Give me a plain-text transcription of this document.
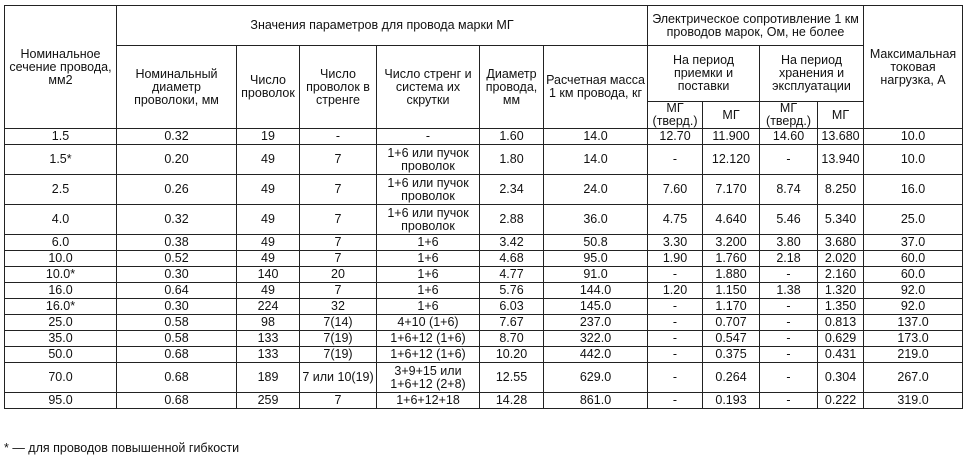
Номинальное сечение провода, мм2	Значения параметров для провода марки МГ						Электрическое сопротивление 1 км проводов марок, Ом, не более				Максимальная токовая нагрузка, А
	Номинальный диаметр проволоки, мм	Число проволок	Число проволок в стренге	Число стренг и система их скрутки	Диаметр провода, мм	Расчетная масса 1 км провода, кг	На период приемки и поставки		На период хранения и эксплуатации		
							МГ (тверд.)	МГ	МГ (тверд.)	МГ	
1.5	0.32	19	-	-	1.60	14.0	12.70	11.900	14.60	13.680	10.0
1.5*	0.20	49	7	1+6 или пучок проволок	1.80	14.0	-	12.120	-	13.940	10.0
2.5	0.26	49	7	1+6 или пучок проволок	2.34	24.0	7.60	7.170	8.74	8.250	16.0
4.0	0.32	49	7	1+6 или пучок проволок	2.88	36.0	4.75	4.640	5.46	5.340	25.0
6.0	0.38	49	7	1+6	3.42	50.8	3.30	3.200	3.80	3.680	37.0
10.0	0.52	49	7	1+6	4.68	95.0	1.90	1.760	2.18	2.020	60.0
10.0*	0.30	140	20	1+6	4.77	91.0	-	1.880	-	2.160	60.0
16.0	0.64	49	7	1+6	5.76	144.0	1.20	1.150	1.38	1.320	92.0
16.0*	0.30	224	32	1+6	6.03	145.0	-	1.170	-	1.350	92.0
25.0	0.58	98	7(14)	4+10 (1+6)	7.67	237.0	-	0.707	-	0.813	137.0
35.0	0.58	133	7(19)	1+6+12 (1+6)	8.70	322.0	-	0.547	-	0.629	173.0
50.0	0.68	133	7(19)	1+6+12 (1+6)	10.20	442.0	-	0.375	-	0.431	219.0
70.0	0.68	189	7 или 10(19)	3+9+15 или 1+6+12 (2+8)	12.55	629.0	-	0.264	-	0.304	267.0
95.0	0.68	259	7	1+6+12+18	14.28	861.0	-	0.193	-	0.222	319.0
* — для проводов повышенной гибкости
